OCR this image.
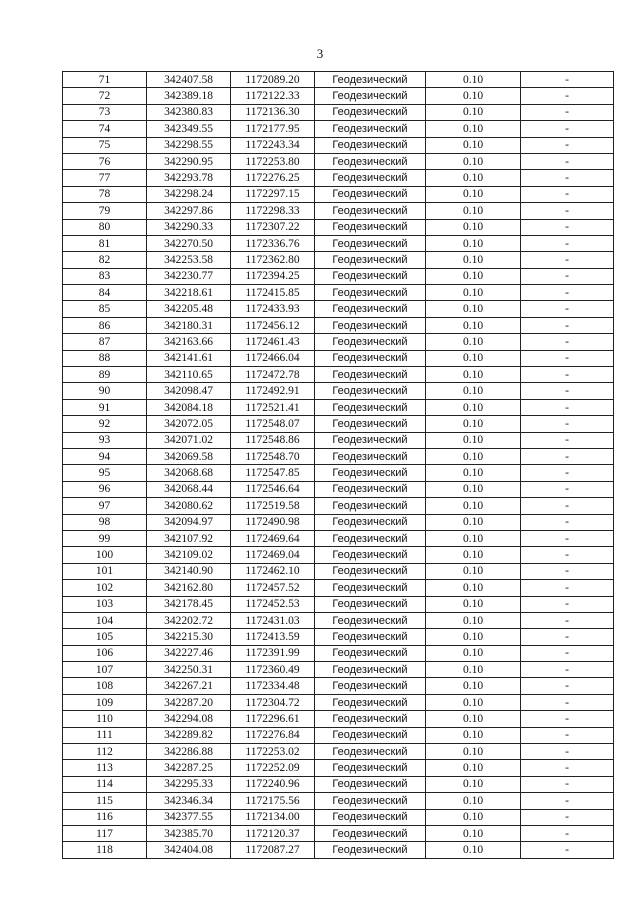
3
71	342407.58	1172089.20	Геодезический	0.10	-
72	342389.18	1172122.33	Геодезический	0.10	-
73	342380.83	1172136.30	Геодезический	0.10	-
74	342349.55	1172177.95	Геодезический	0.10	-
75	342298.55	1172243.34	Геодезический	0.10	-
76	342290.95	1172253.80	Геодезический	0.10	-
77	342293.78	1172276.25	Геодезический	0.10	-
78	342298.24	1172297.15	Геодезический	0.10	-
79	342297.86	1172298.33	Геодезический	0.10	-
80	342290.33	1172307.22	Геодезический	0.10	-
81	342270.50	1172336.76	Геодезический	0.10	-
82	342253.58	1172362.80	Геодезический	0.10	-
83	342230.77	1172394.25	Геодезический	0.10	-
84	342218.61	1172415.85	Геодезический	0.10	-
85	342205.48	1172433.93	Геодезический	0.10	-
86	342180.31	1172456.12	Геодезический	0.10	-
87	342163.66	1172461.43	Геодезический	0.10	-
88	342141.61	1172466.04	Геодезический	0.10	-
89	342110.65	1172472.78	Геодезический	0.10	-
90	342098.47	1172492.91	Геодезический	0.10	-
91	342084.18	1172521.41	Геодезический	0.10	-
92	342072.05	1172548.07	Геодезический	0.10	-
93	342071.02	1172548.86	Геодезический	0.10	-
94	342069.58	1172548.70	Геодезический	0.10	-
95	342068.68	1172547.85	Геодезический	0.10	-
96	342068.44	1172546.64	Геодезический	0.10	-
97	342080.62	1172519.58	Геодезический	0.10	-
98	342094.97	1172490.98	Геодезический	0.10	-
99	342107.92	1172469.64	Геодезический	0.10	-
100	342109.02	1172469.04	Геодезический	0.10	-
101	342140.90	1172462.10	Геодезический	0.10	-
102	342162.80	1172457.52	Геодезический	0.10	-
103	342178.45	1172452.53	Геодезический	0.10	-
104	342202.72	1172431.03	Геодезический	0.10	-
105	342215.30	1172413.59	Геодезический	0.10	-
106	342227.46	1172391.99	Геодезический	0.10	-
107	342250.31	1172360.49	Геодезический	0.10	-
108	342267.21	1172334.48	Геодезический	0.10	-
109	342287.20	1172304.72	Геодезический	0.10	-
110	342294.08	1172296.61	Геодезический	0.10	-
111	342289.82	1172276.84	Геодезический	0.10	-
112	342286.88	1172253.02	Геодезический	0.10	-
113	342287.25	1172252.09	Геодезический	0.10	-
114	342295.33	1172240.96	Геодезический	0.10	-
115	342346.34	1172175.56	Геодезический	0.10	-
116	342377.55	1172134.00	Геодезический	0.10	-
117	342385.70	1172120.37	Геодезический	0.10	-
118	342404.08	1172087.27	Геодезический	0.10	-
